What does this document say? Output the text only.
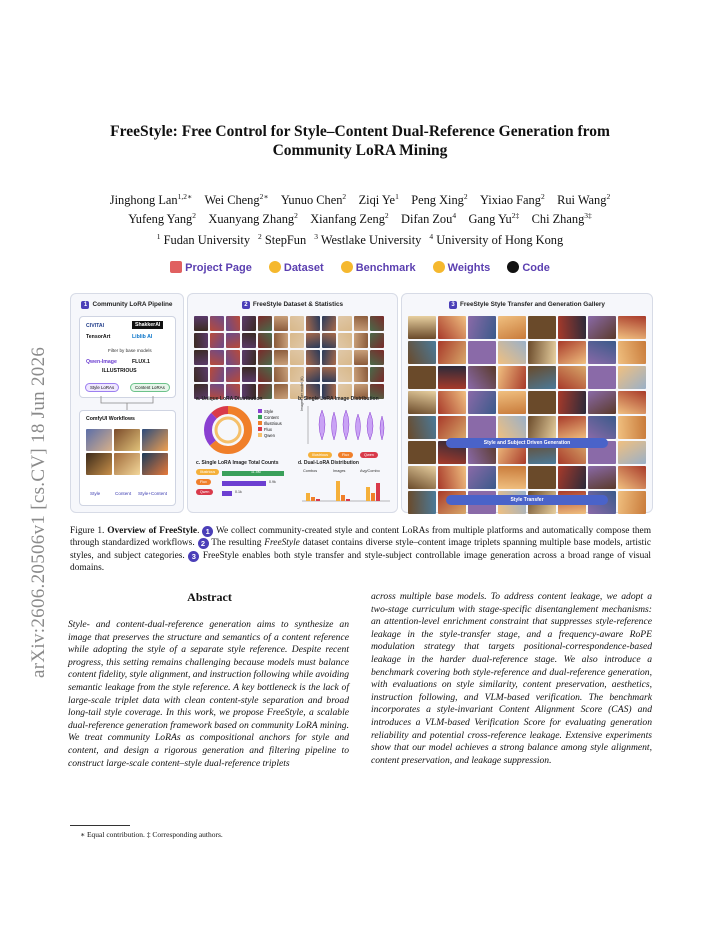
arXiv:2606.20506v1 [cs.CV] 18 Jun 2026
FreeStyle: Free Control for Style–Content Dual-Reference Generation from
Community LoRA Mining
Jinghong Lan$^{1,2∗}$  Wei Cheng$^{2∗}$  Yunuo Chen$^2$  Ziqi Ye$^1$  Peng Xing$^2$  Yixiao Fang$^2$  Rui Wang$^2$
Yufeng Yang$^2$  Xuanyang Zhang$^2$  Xianfang Zeng$^2$  Difan Zou$^4$  Gang $Yu^{2\ddagger}$  Chi Zhang$^{3\ddagger}$
$^1$ Fudan University $^2$ StepFun $^3$ Westlake University $^4$ University of Hong Kong
Project Page	Dataset	Benchmark	Weights	Code
1 Community LoRA Pipeline
CIVITAI	ShakkerAI
TensorArt	Liblib AI
Filter by base models
Qwen-Image	FLUX.1
ILLUSTRIOUS
Style LoRAs	Content LoRAs
ComfyUI Workflows
Style	Content Style+Content
2 FreeStyle Dataset & Statistics
a. Unique LoRA Distribution
Style
Content
Illustrious
Flux
Qwen
b. Single LoRA Image Distribution
Images per model (K)
Illustrious	Flux	Qwen
c. Single LoRA Image Total Counts
Illustrious	11.5M
Flux	0.9k
Qwen	0.1k
d. Dual-LoRA Distribution
Combos	Images	Avg/Combo
3 FreeStyle Style Transfer and Generation Gallery
Style and Subject Driven Generation
Style Transfer
Figure 1. Overview of FreeStyle. 1 We collect community-created style and content LoRAs from multiple platforms and automatically compose them through standardized workflows. 2 The resulting FreeStyle dataset contains diverse style–content image triplets spanning multiple base models, artistic styles, and subject categories. 3 FreeStyle enables both style transfer and style-subject controllable image generation across a broad range of visual domains.
Abstract
Style- and content-dual-reference generation aims to synthesize an image that preserves the structure and semantics of a content reference while adopting the style of a separate style reference. Despite recent progress, this setting remains challenging because models must balance content fidelity, style alignment, and instruction following while avoiding semantic leakage from the style reference. A key bottleneck is the lack of large-scale triplet data with clean content-style separation and broad long-tail style coverage. In this work, we propose FreeStyle, a scalable dual-reference generation framework based on community LoRA mining. We treat community LoRAs as compositional anchors for style and content, and design a rigorous generation and filtering pipeline to construct large-scale content–style dual-reference triplets
across multiple base models. To address content leakage, we adopt a two-stage curriculum with stage-specific disentanglement mechanisms: an attention-level enrichment constraint that suppresses style-reference leakage in the style-transfer stage, and a frequency-aware RoPE modulation strategy that targets positional-correspondence-based leakage in the harder dual-reference stage. We also introduce a benchmark covering both style-reference and dual-reference generation, with evaluations on style similarity, content preservation, aesthetics, instruction following, and VLM-based verification. The benchmark incorporates a style-invariant Content Alignment Score (CAS) and introduces a VLM-based Verification Score for evaluating generation reliability and potential cross-reference leakage. Extensive experiments show that our model achieves a strong balance among style alignment, content preservation, and leakage suppression.
∗ Equal contribution. ‡ Corresponding authors.
